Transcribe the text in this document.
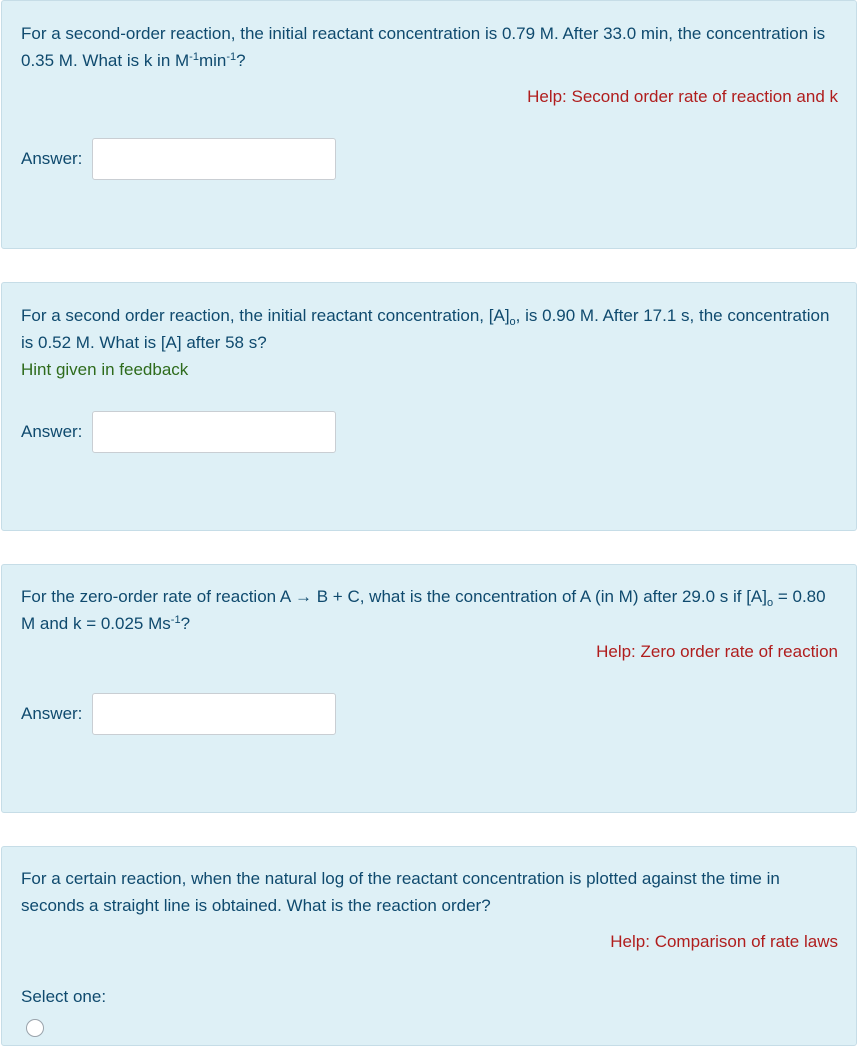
For a second-order reaction, the initial reactant concentration is 0.79 M. After 33.0 min, the concentration is 0.35 M. What is k in $M^{-1}\min^{-1}$?
Help: Second order rate of reaction and k
Answer:
For a second order reaction, the initial reactant concentration, $[A]_o$, is 0.90 M. After 17.1 s, the concentration is 0.52 M. What is [A] after 58 s?
Hint given in feedback
Answer:
For the zero-order rate of reaction A → B + C, what is the concentration of A (in M) after 29.0 s if $[A]_o = 0.80$ M and k = 0.025 $Ms^{-1}$?
Help: Zero order rate of reaction
Answer:
For a certain reaction, when the natural log of the reactant concentration is plotted against the time in seconds a straight line is obtained. What is the reaction order?
Help: Comparison of rate laws
Select one:
